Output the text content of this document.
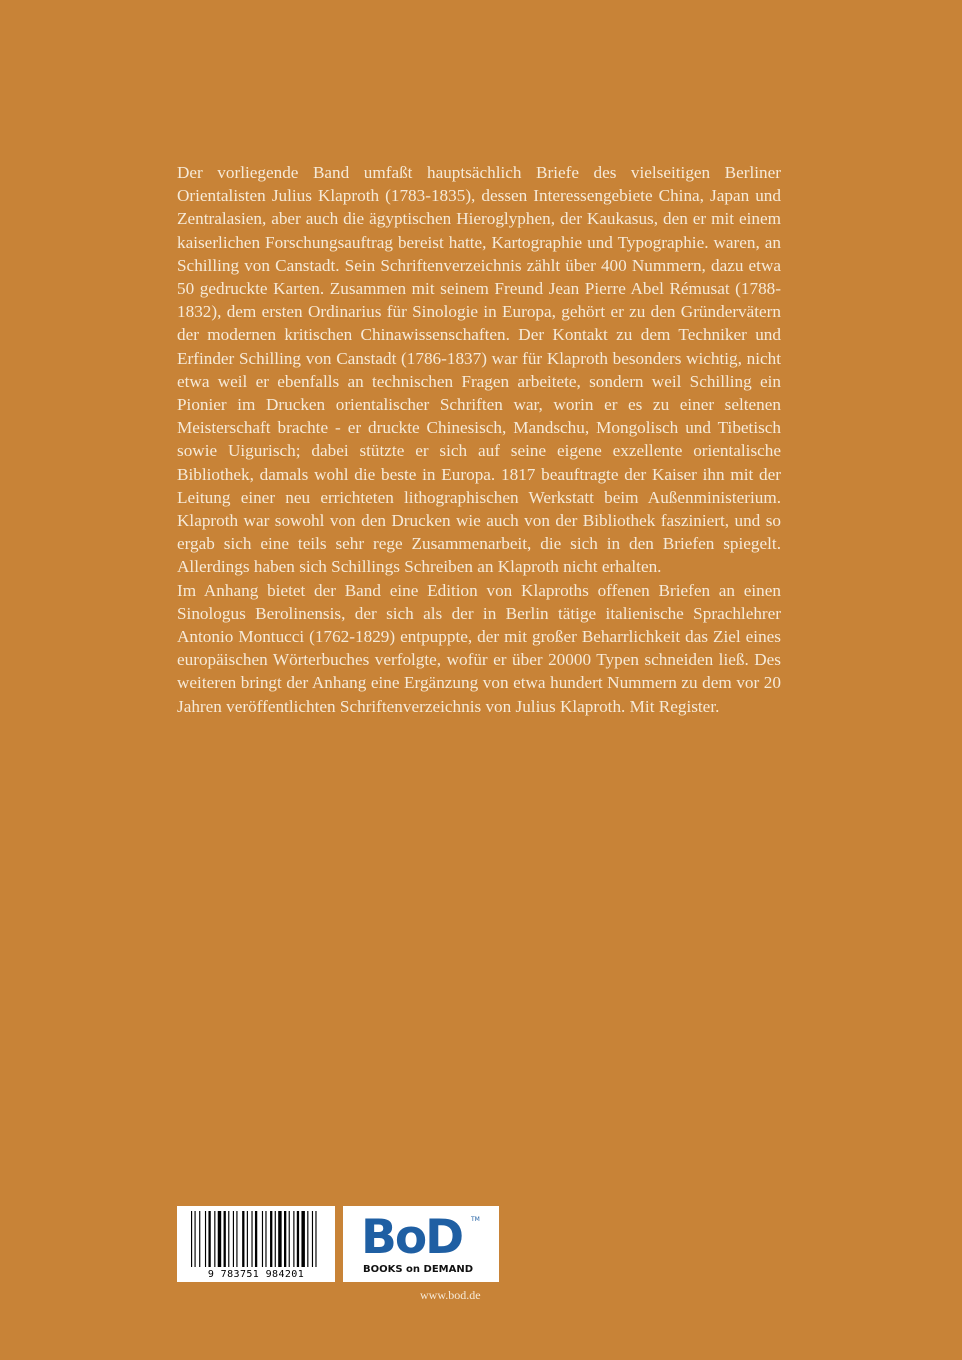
Der vorliegende Band umfaßt hauptsächlich Briefe des vielseitigen Berliner Orientalisten Julius Klaproth (1783-1835), dessen Interessengebiete China, Japan und Zentralasien, aber auch die ägyptischen Hieroglyphen, der Kaukasus, den er mit einem kaiserlichen Forschungsauftrag bereist hatte, Kartographie und Typographie. waren, an Schilling von Canstadt. Sein Schriftenverzeichnis zählt über 400 Nummern, dazu etwa 50 gedruckte Karten. Zusammen mit seinem Freund Jean Pierre Abel Rémusat (1788-1832), dem ersten Ordinarius für Sinologie in Europa, gehört er zu den Gründervätern der modernen kritischen Chinawissenschaften. Der Kontakt zu dem Techniker und Erfinder Schilling von Canstadt (1786-1837) war für Klaproth besonders wichtig, nicht etwa weil er ebenfalls an technischen Fragen arbeitete, sondern weil Schilling ein Pionier im Drucken orientalischer Schriften war, worin er es zu einer seltenen Meisterschaft brachte - er druckte Chinesisch, Mandschu, Mongolisch und Tibetisch sowie Uigurisch; dabei stützte er sich auf seine eigene exzellente orientalische Bibliothek, damals wohl die beste in Europa. 1817 beauftragte der Kaiser ihn mit der Leitung einer neu errichteten lithographischen Werkstatt beim Außenministerium. Klaproth war sowohl von den Drucken wie auch von der Bibliothek fasziniert, und so ergab sich eine teils sehr rege Zusammenarbeit, die sich in den Briefen spiegelt. Allerdings haben sich Schillings Schreiben an Klaproth nicht erhalten.

Im Anhang bietet der Band eine Edition von Klaproths offenen Briefen an einen Sinologus Berolinensis, der sich als der in Berlin tätige italienische Sprachlehrer Antonio Montucci (1762-1829) entpuppte, der mit großer Beharrlichkeit das Ziel eines europäischen Wörterbuches verfolgte, wofür er über 20000 Typen schneiden ließ. Des weiteren bringt der Anhang eine Ergänzung von etwa hundert Nummern zu dem vor 20 Jahren veröffentlichten Schriftenverzeichnis von Julius Klaproth. Mit Register.

9 783751 984201
BoD TM
BOOKS on DEMAND
www.bod.de
